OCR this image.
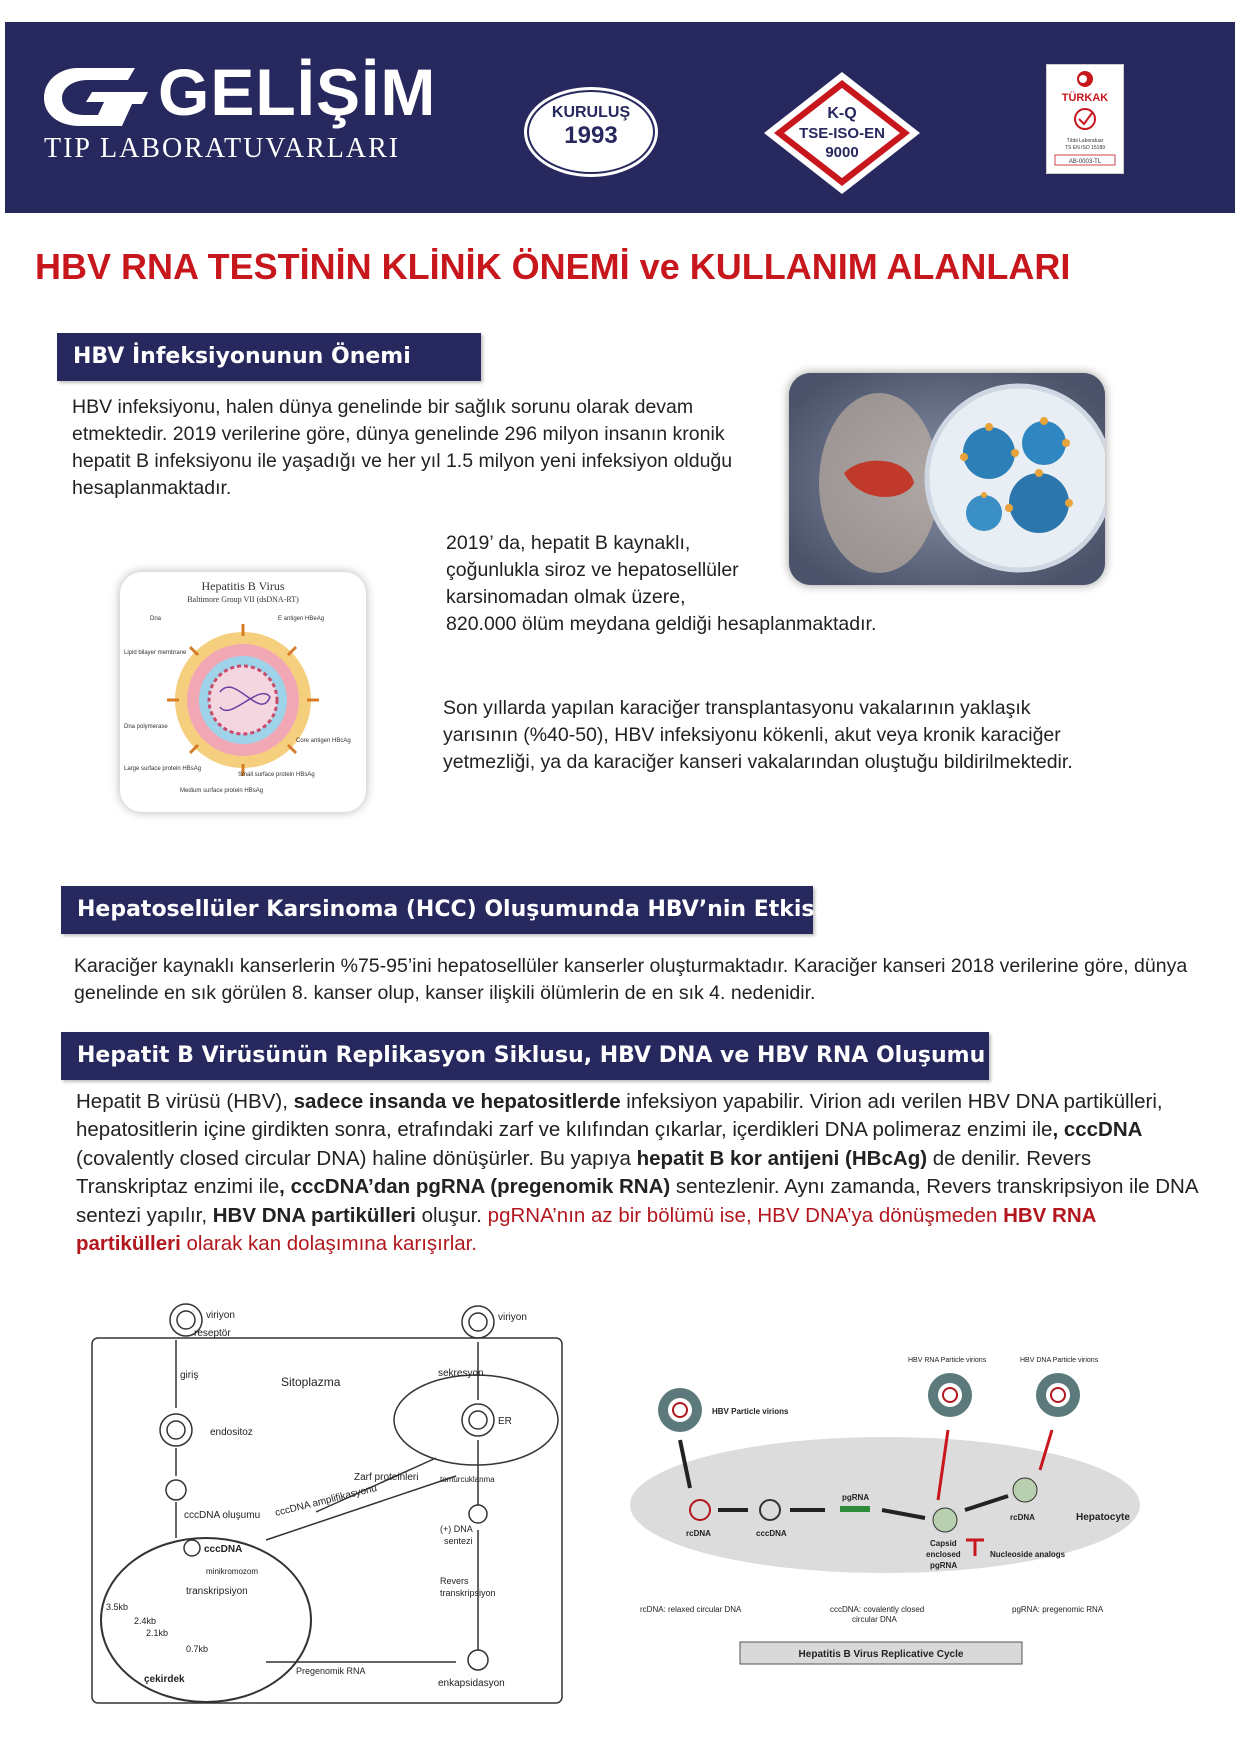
GELİŞİM
TIP LABORATUVARLARI
KURULUŞ
1993
K-Q
TSE-ISO-EN
9000
TÜRKAK
Tıbbi Laboratuar
TS EN ISO 15189
AB-0003-TL
HBV RNA TESTİNİN KLİNİK ÖNEMİ ve KULLANIM ALANLARI
HBV İnfeksiyonunun Önemi
HBV infeksiyonu, halen dünya genelinde bir sağlık sorunu olarak devam etmektedir. 2019 verilerine göre, dünya genelinde 296 milyon insanın kronik hepatit B infeksiyonu ile yaşadığı ve her yıl 1.5 milyon yeni infeksiyon olduğu hesaplanmaktadır.
2019’ da, hepatit B kaynaklı,
çoğunlukla siroz ve hepatosellüler
karsinomadan olmak üzere,
820.000 ölüm meydana geldiği hesaplanmaktadır.
Hepatitis B Virus
Baltimore Group VII (dsDNA-RT)
Dna	E antigen HBeAg
Lipid bilayer membrane
Dna polymerase
Core antigen HBcAg
Large surface protein HBsAg
Small surface protein HBsAg
Medium surface protein HBsAg
Son yıllarda yapılan karaciğer transplantasyonu vakalarının yaklaşık yarısının (%40-50), HBV infeksiyonu kökenli, akut veya kronik karaciğer yetmezliği, ya da karaciğer kanseri vakalarından oluştuğu bildirilmektedir.
Hepatosellüler Karsinoma (HCC) Oluşumunda HBV’nin Etkisi
Karaciğer kaynaklı kanserlerin %75-95’ini hepatosellüler kanserler oluşturmaktadır. Karaciğer kanseri 2018 verilerine göre, dünya genelinde en sık görülen 8. kanser olup, kanser ilişkili ölümlerin de en sık 4. nedenidir.
Hepatit B Virüsünün Replikasyon Siklusu, HBV DNA ve HBV RNA Oluşumu
Hepatit B virüsü (HBV), sadece insanda ve hepatositlerde infeksiyon yapabilir. Virion adı verilen HBV DNA partikülleri, hepatositlerin içine girdikten sonra, etrafındaki zarf ve kılıfından çıkarlar, içerdikleri DNA polimeraz enzimi ile, cccDNA (covalently closed circular DNA) haline dönüşürler. Bu yapıya hepatit B kor antijeni (HBcAg) de denilir. Revers Transkriptaz enzimi ile, cccDNA’dan pgRNA (pregenomik RNA) sentezlenir. Aynı zamanda, Revers transkripsiyon ile DNA sentezi yapılır, HBV DNA partikülleri oluşur. pgRNA’nın az bir bölümü ise, HBV DNA’ya dönüşmeden HBV RNA partikülleri olarak kan dolaşımına karışırlar.
viriyon
reseptör
viriyon
giriş	Sitoplazma
sekresyon
endositoz
ER
Zarf proteinleri	tomurcuklanma
cccDNA oluşumu cccDNA amplifikasyonu
(+) DNA
sentezi
cccDNA
minikromozom
transkripsiyon
Revers
transkripsiyon
3.5kb
2.4kb
2.1kb
0.7kb
Pregenomik RNA
enkapsidasyon
çekirdek
HBV RNA Particle virions	HBV DNA Particle virions
HBV Particle virions
rcDNA	cccDNA
pgRNA
rcDNA	Hepatocyte
Capsid
enclosed
pgRNA
Nucleoside analogs
rcDNA: relaxed circular DNA	cccDNA: covalently closed
circular DNA
pgRNA: pregenomic RNA
Hepatitis B Virus Replicative Cycle
